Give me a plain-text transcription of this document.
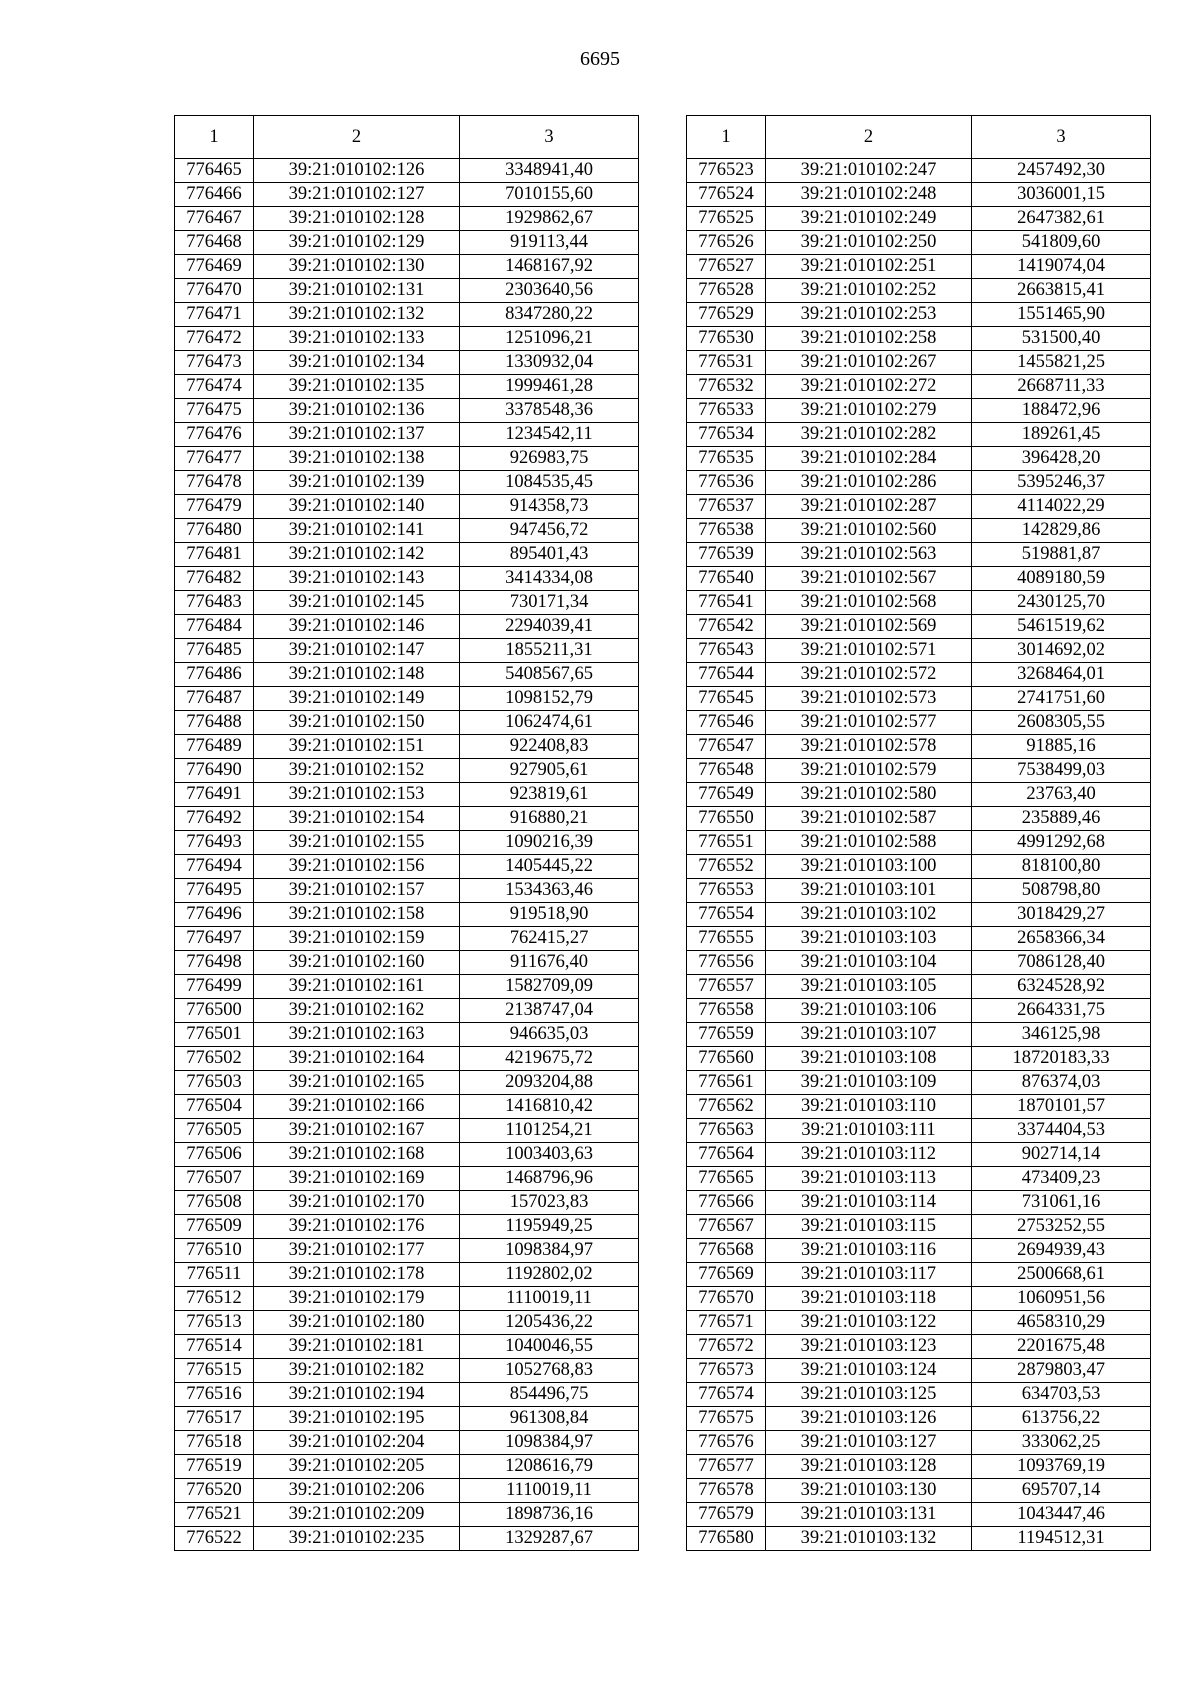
6695
1	2	3
776465	39:21:010102:126	3348941,40
776466	39:21:010102:127	7010155,60
776467	39:21:010102:128	1929862,67
776468	39:21:010102:129	919113,44
776469	39:21:010102:130	1468167,92
776470	39:21:010102:131	2303640,56
776471	39:21:010102:132	8347280,22
776472	39:21:010102:133	1251096,21
776473	39:21:010102:134	1330932,04
776474	39:21:010102:135	1999461,28
776475	39:21:010102:136	3378548,36
776476	39:21:010102:137	1234542,11
776477	39:21:010102:138	926983,75
776478	39:21:010102:139	1084535,45
776479	39:21:010102:140	914358,73
776480	39:21:010102:141	947456,72
776481	39:21:010102:142	895401,43
776482	39:21:010102:143	3414334,08
776483	39:21:010102:145	730171,34
776484	39:21:010102:146	2294039,41
776485	39:21:010102:147	1855211,31
776486	39:21:010102:148	5408567,65
776487	39:21:010102:149	1098152,79
776488	39:21:010102:150	1062474,61
776489	39:21:010102:151	922408,83
776490	39:21:010102:152	927905,61
776491	39:21:010102:153	923819,61
776492	39:21:010102:154	916880,21
776493	39:21:010102:155	1090216,39
776494	39:21:010102:156	1405445,22
776495	39:21:010102:157	1534363,46
776496	39:21:010102:158	919518,90
776497	39:21:010102:159	762415,27
776498	39:21:010102:160	911676,40
776499	39:21:010102:161	1582709,09
776500	39:21:010102:162	2138747,04
776501	39:21:010102:163	946635,03
776502	39:21:010102:164	4219675,72
776503	39:21:010102:165	2093204,88
776504	39:21:010102:166	1416810,42
776505	39:21:010102:167	1101254,21
776506	39:21:010102:168	1003403,63
776507	39:21:010102:169	1468796,96
776508	39:21:010102:170	157023,83
776509	39:21:010102:176	1195949,25
776510	39:21:010102:177	1098384,97
776511	39:21:010102:178	1192802,02
776512	39:21:010102:179	1110019,11
776513	39:21:010102:180	1205436,22
776514	39:21:010102:181	1040046,55
776515	39:21:010102:182	1052768,83
776516	39:21:010102:194	854496,75
776517	39:21:010102:195	961308,84
776518	39:21:010102:204	1098384,97
776519	39:21:010102:205	1208616,79
776520	39:21:010102:206	1110019,11
776521	39:21:010102:209	1898736,16
776522	39:21:010102:235	1329287,67
1	2	3
776523	39:21:010102:247	2457492,30
776524	39:21:010102:248	3036001,15
776525	39:21:010102:249	2647382,61
776526	39:21:010102:250	541809,60
776527	39:21:010102:251	1419074,04
776528	39:21:010102:252	2663815,41
776529	39:21:010102:253	1551465,90
776530	39:21:010102:258	531500,40
776531	39:21:010102:267	1455821,25
776532	39:21:010102:272	2668711,33
776533	39:21:010102:279	188472,96
776534	39:21:010102:282	189261,45
776535	39:21:010102:284	396428,20
776536	39:21:010102:286	5395246,37
776537	39:21:010102:287	4114022,29
776538	39:21:010102:560	142829,86
776539	39:21:010102:563	519881,87
776540	39:21:010102:567	4089180,59
776541	39:21:010102:568	2430125,70
776542	39:21:010102:569	5461519,62
776543	39:21:010102:571	3014692,02
776544	39:21:010102:572	3268464,01
776545	39:21:010102:573	2741751,60
776546	39:21:010102:577	2608305,55
776547	39:21:010102:578	91885,16
776548	39:21:010102:579	7538499,03
776549	39:21:010102:580	23763,40
776550	39:21:010102:587	235889,46
776551	39:21:010102:588	4991292,68
776552	39:21:010103:100	818100,80
776553	39:21:010103:101	508798,80
776554	39:21:010103:102	3018429,27
776555	39:21:010103:103	2658366,34
776556	39:21:010103:104	7086128,40
776557	39:21:010103:105	6324528,92
776558	39:21:010103:106	2664331,75
776559	39:21:010103:107	346125,98
776560	39:21:010103:108	18720183,33
776561	39:21:010103:109	876374,03
776562	39:21:010103:110	1870101,57
776563	39:21:010103:111	3374404,53
776564	39:21:010103:112	902714,14
776565	39:21:010103:113	473409,23
776566	39:21:010103:114	731061,16
776567	39:21:010103:115	2753252,55
776568	39:21:010103:116	2694939,43
776569	39:21:010103:117	2500668,61
776570	39:21:010103:118	1060951,56
776571	39:21:010103:122	4658310,29
776572	39:21:010103:123	2201675,48
776573	39:21:010103:124	2879803,47
776574	39:21:010103:125	634703,53
776575	39:21:010103:126	613756,22
776576	39:21:010103:127	333062,25
776577	39:21:010103:128	1093769,19
776578	39:21:010103:130	695707,14
776579	39:21:010103:131	1043447,46
776580	39:21:010103:132	1194512,31
